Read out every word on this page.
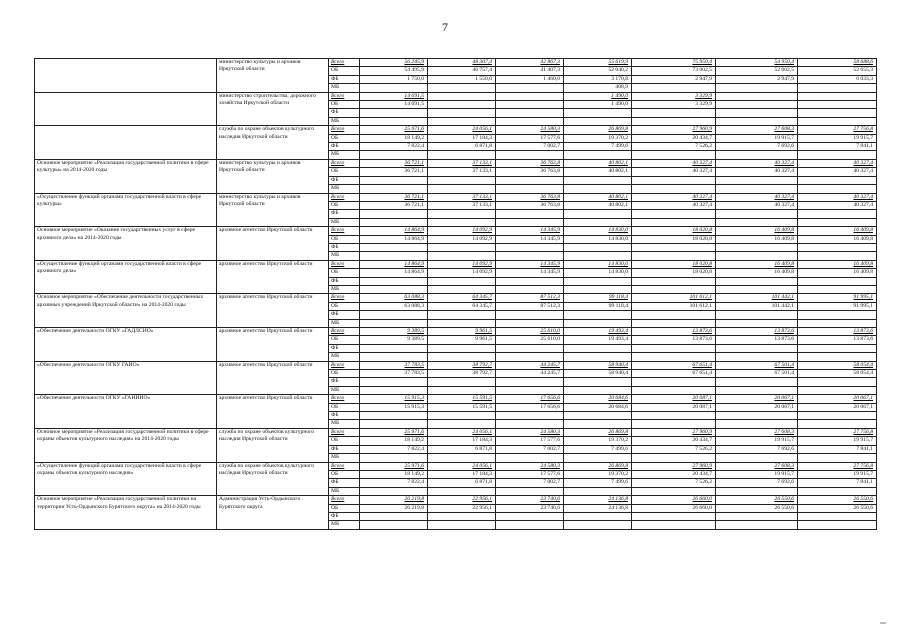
7
	министерство культуры и архивов Иркутской области	Всего	56 245,9	48 307,4	42 867,3	55 619,9	75 950,4	54 950,4	58 688,6
		ОБ	54 495,9	46 757,4	41 407,3	52 040,2	73 002,5	52 002,5	52 655,3
		ФБ	1 750,0	1 550,0	1 460,0	3 170,8	2 947,9	2 947,9	6 033,3
		МБ				408,9			
	министерство строительства, дорожного хозяйства Иркутской области	Всего	14 691,5			1 490,0	3 329,9		
		ОБ	14 691,5			1 490,0	3 329,9		
		ФБ							
		МБ							
	служба по охране объектов культурного наследия Иркутской области	Всего	25 971,6	24 056,1	24 580,3	26 869,8	27 960,9	27 608,3	27 756,8
		ОБ	18 149,2	17 184,3	17 577,6	19 370,2	20 434,7	19 915,7	19 915,7
		ФБ	7 822,4	6 871,8	7 002,7	7 499,6	7 526,2	7 692,6	7 841,1
		МБ							
Основное мероприятие «Реализация государственной политики в сфере культуры» на 2014-2020 годы	министерство культуры и архивов Иркутской области	Всего	36 721,1	37 133,1	36 763,8	40 802,1	40 327,4	40 327,4	40 327,4
		ОБ	36 721,1	37 133,1	36 763,8	40 802,1	40 327,4	40 327,4	40 327,4
		ФБ							
		МБ							
«Осуществление функций органами государственной власти в сфере культуры»	министерство культуры и архивов Иркутской области	Всего	36 721,1	37 133,1	36 763,8	40 802,1	40 327,4	40 327,4	40 327,4
		ОБ	36 721,1	37 133,1	36 763,8	40 802,1	40 327,4	40 327,4	40 327,4
		ФБ							
		МБ							
Основное мероприятие «Оказание государственных услуг в сфере архивного дела» на 2014-2020 годы	архивное агентство Иркутской области	Всего	14 864,9	14 092,9	14 345,9	14 830,0	18 020,8	16 409,8	16 409,8
		ОБ	14 864,9	14 092,9	14 345,9	14 830,0	18 020,8	16 409,8	16 409,8
		ФБ							
		МБ							
«Осуществление функций органами государственной власти в сфере архивного дела»	архивное агентство Иркутской области	Всего	14 864,9	14 092,9	14 345,9	14 830,0	18 020,8	16 409,8	16 409,8
		ОБ	14 864,9	14 092,9	14 345,9	14 830,0	18 020,8	16 409,8	16 409,8
		ФБ							
		МБ							
Основное мероприятие «Обеспечение деятельности государственных архивных учреждений Иркутской области» на 2014-2020 годы	архивное агентство Иркутской области	Всего	63 088,3	64 345,7	87 512,3	99 118,4	101 612,1	101 442,1	91 995,1
		ОБ	63 088,3	64 345,7	87 512,3	99 118,4	101 612,1	101 442,1	91 995,1
		ФБ							
		МБ							
«Обеспечение деятельности ОГКУ «ГАДЛСИО»	архивное агентство Иркутской области	Всего	9 389,5	9 961,5	25 610,0	19 493,4	13 873,6	13 873,6	13 873,6
		ОБ	9 389,5	9 961,5	25 610,0	19 493,4	13 873,6	13 873,6	13 873,6
		ФБ							
		МБ							
«Обеспечение деятельности ОГКУ ГАИО»	архивное агентство Иркутской области	Всего	37 783,5	38 792,7	44 245,7	58 940,4	67 651,4	67 501,4	58 054,4
		ОБ	37 783,5	38 792,7	44 245,7	58 940,4	67 651,4	67 501,4	58 054,4
		ФБ							
		МБ							
«Обеспечение деятельности ОГКУ «ГАНИИО»	архивное агентство Иркутской области	Всего	15 915,3	15 591,5	17 656,6	20 684,6	20 087,1	20 067,1	20 067,1
		ОБ	15 915,3	15 591,5	17 656,6	20 684,6	20 087,1	20 067,1	20 067,1
		ФБ							
		МБ							
Основное мероприятие «Реализация государственной политики в сфере охраны объектов культурного наследия» на 2014-2020 годы	служба по охране объектов культурного наследия Иркутской области	Всего	25 971,6	24 056,1	24 580,3	26 869,8	27 960,9	27 608,3	27 756,8
		ОБ	18 149,2	17 184,3	17 577,6	19 370,2	20 434,7	19 915,7	19 915,7
		ФБ	7 822,4	6 871,8	7 002,7	7 499,6	7 526,2	7 692,6	7 841,1
		МБ							
«Осуществление функций органами государственной власти в сфере охраны объектов культурного наследия»	служба по охране объектов культурного наследия Иркутской области	Всего	25 971,6	24 056,1	24 580,3	26 869,8	27 960,9	27 608,3	27 756,8
		ОБ	18 149,2	17 184,3	17 577,6	19 370,2	20 434,7	19 915,7	19 915,7
		ФБ	7 822,4	6 871,8	7 002,7	7 499,6	7 526,2	7 692,6	7 841,1
		МБ							
Основное мероприятие «Реализация государственной политики на территории Усть-Ордынского Бурятского округа» на 2014-2020 годы	Администрация Усть-Ордынского Бурятского округа	Всего	26 219,8	22 956,1	23 740,6	24 136,8	26 660,0	26 550,6	26 550,6
		ОБ	26 219,8	22 956,1	23 740,6	24 136,8	26 660,0	26 550,6	26 550,6
		ФБ							
		МБ							
